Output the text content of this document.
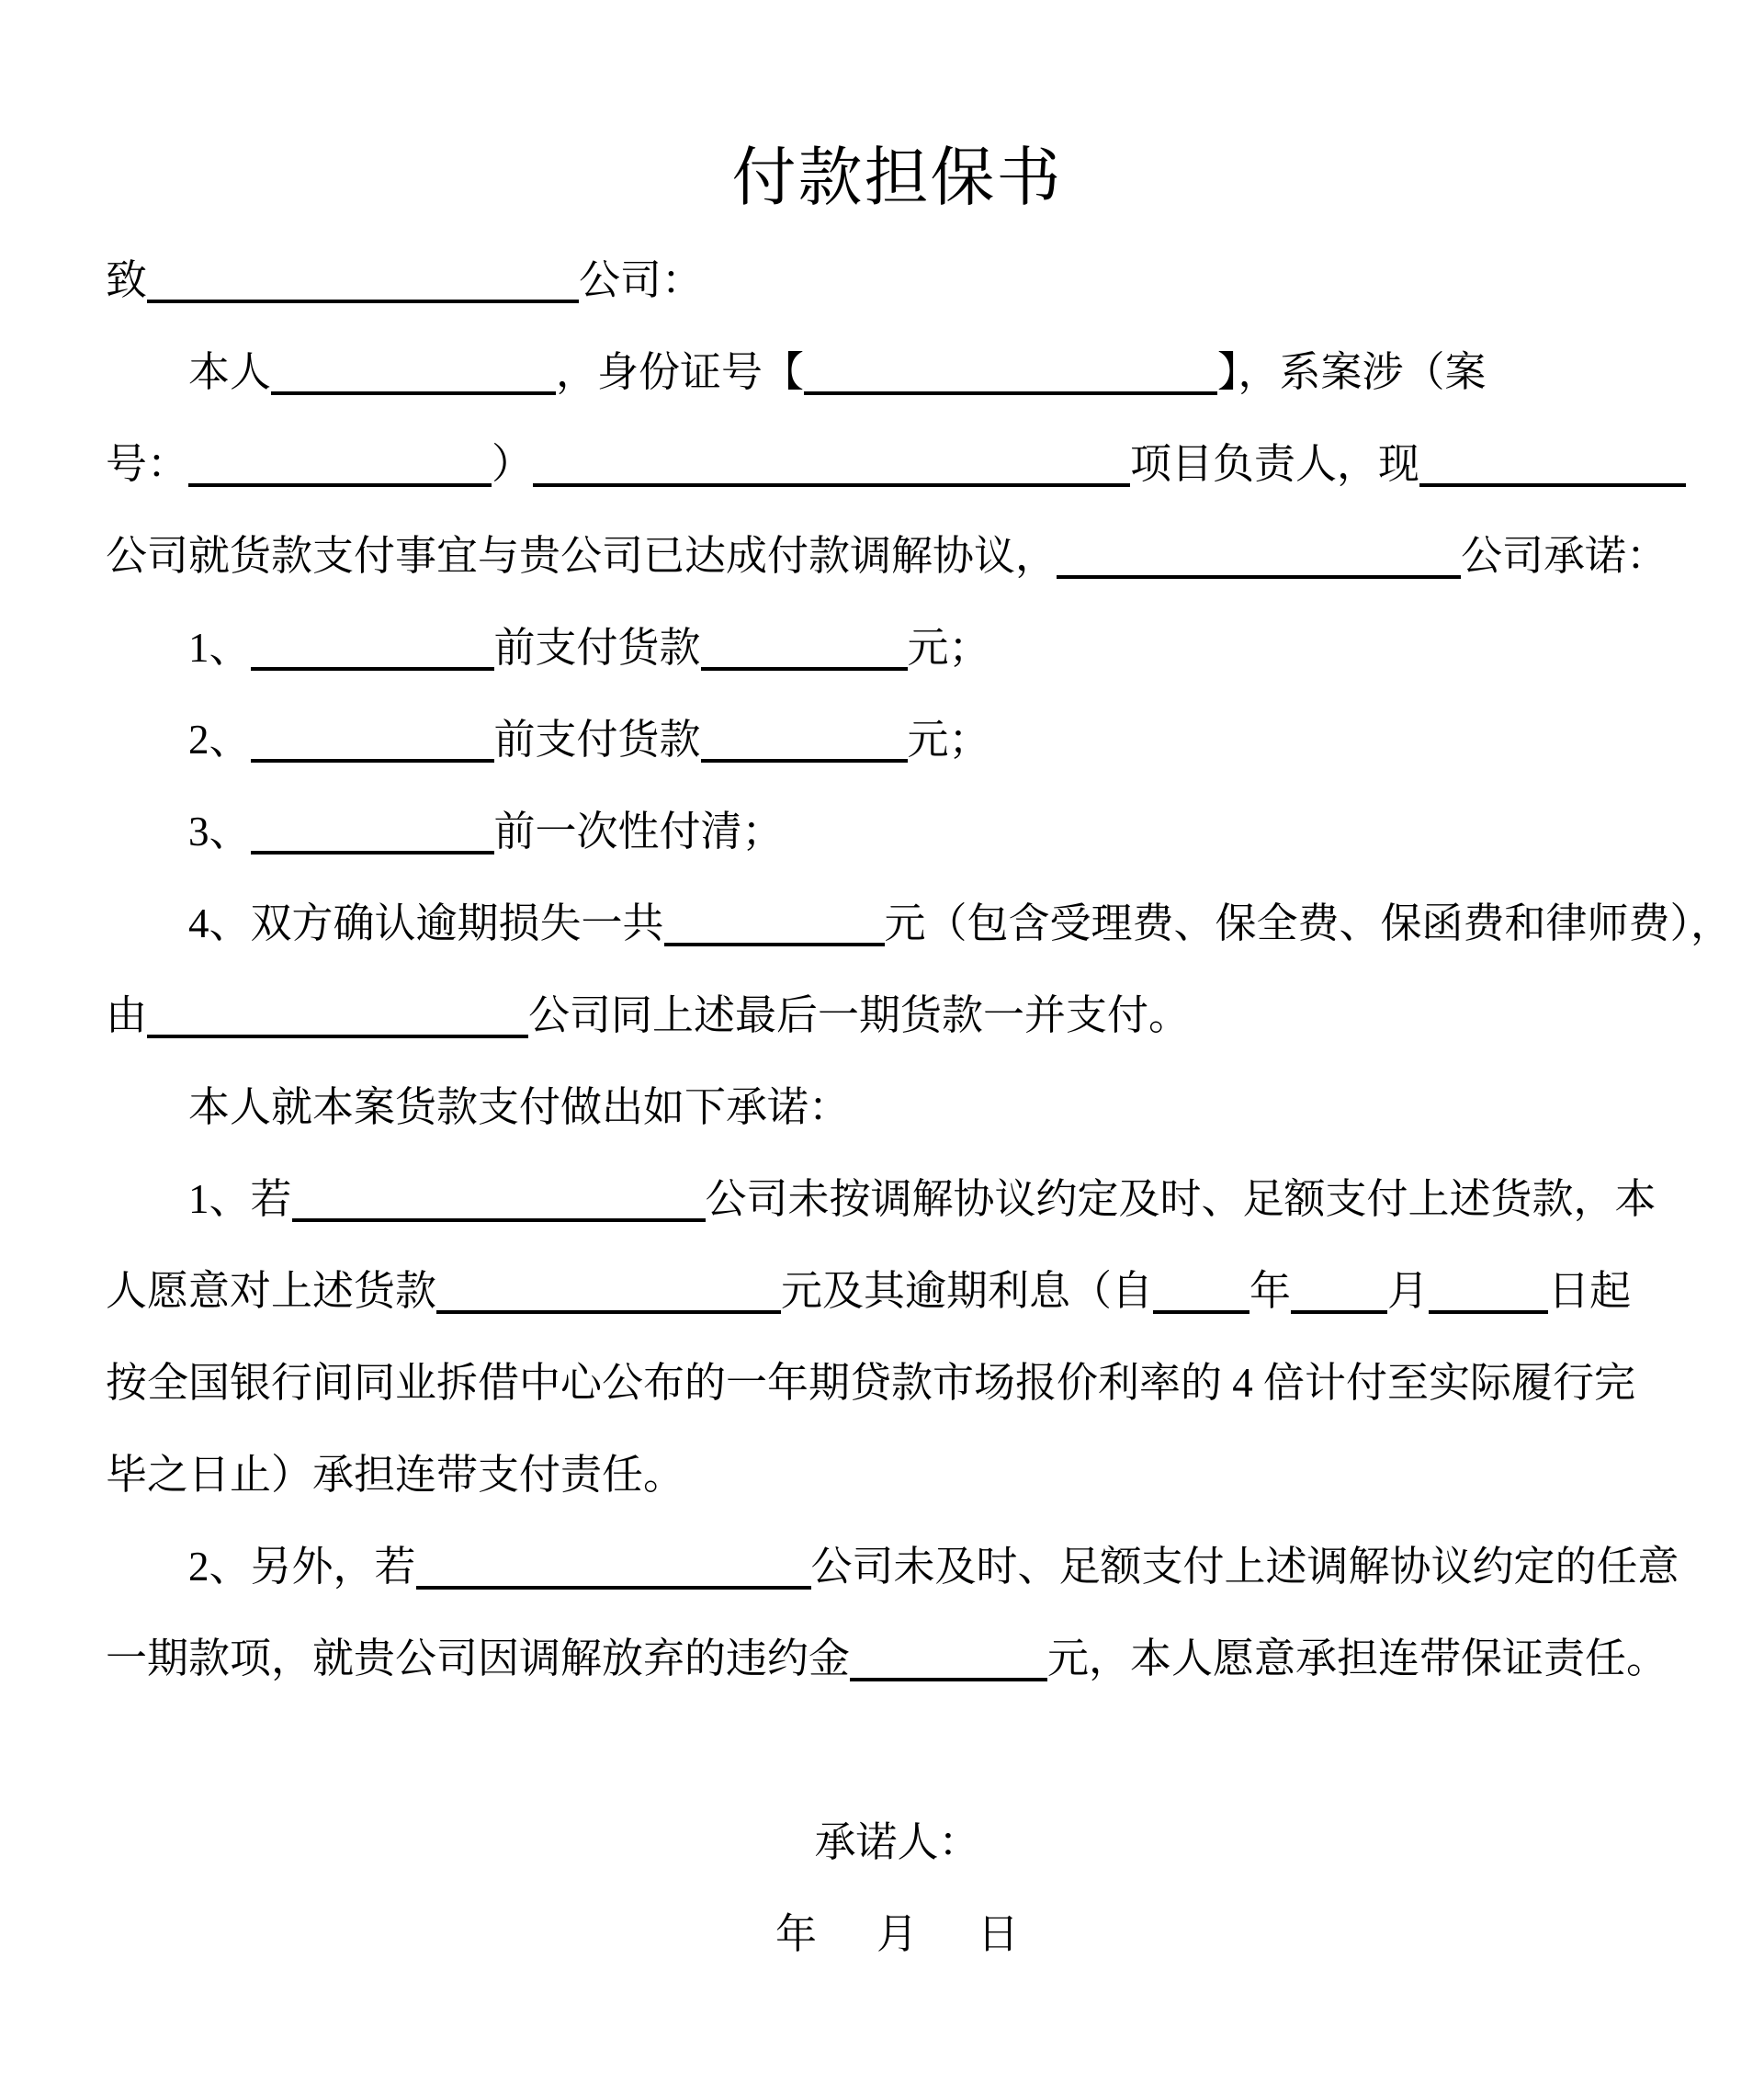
付款担保书
致	公司：
本人	，身份证号【	】，系案涉（案
号：	）	项目负责人，现
公司就货款支付事宜与贵公司已达成付款调解协议，	公司承诺：
1、	前支付货款	元；
2、	前支付货款	元；
3、	前一次性付清；
4、双方确认逾期损失一共	元（包含受理费、保全费、保函费和律师费），
由	公司同上述最后一期货款一并支付。
本人就本案货款支付做出如下承诺：
1、若	公司未按调解协议约定及时、足额支付上述货款，本
人愿意对上述货款	元及其逾期利息（自 年 月	日起
按全国银行间同业拆借中心公布的一年期贷款市场报价利率的 4 倍计付至实际履行完
毕之日止）承担连带支付责任。
2、另外，若	公司未及时、足额支付上述调解协议约定的任意
一期款项，就贵公司因调解放弃的违约金	元，本人愿意承担连带保证责任。
承诺人：
年 月 日
